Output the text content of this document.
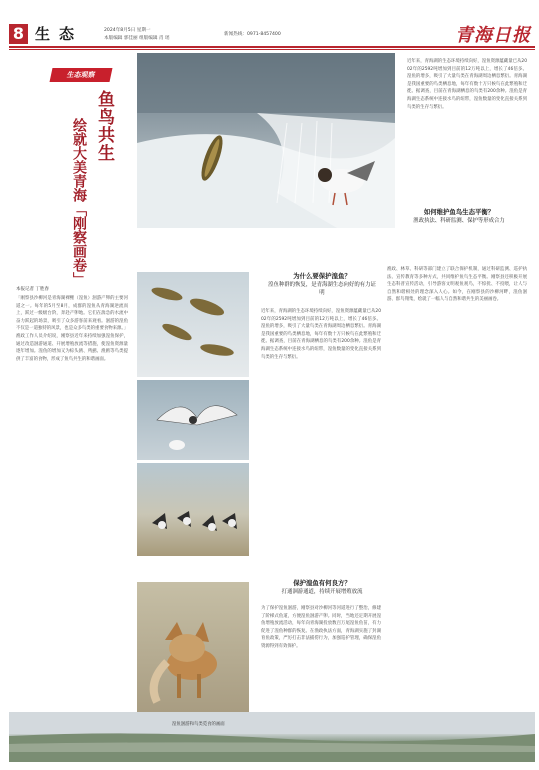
8 生态	2024年8月5日 星期一
本版编辑 郭佳丽 组版编辑 肖 瑶
新闻热线：0971-8457400	青海日报
生态观察
鱼鸟共生
绘就大美青海「刚察画卷」
本报记者 丁胜春
「刚察县沙柳河是青海湖裸鲤（湟鱼）洄游产卵的主要河道之一。每年的5月至8月，成群的湟鱼从青海湖逆流而上，跃过一级级台阶，奔赴产卵地。它们在湍急的水流中奋力跃起的场景，吸引了众多游客前来观看。洄游的湟鱼不仅是一道独特的风景，也是众多鸟类的重要食物来源。」渔政工作人员介绍说，刚察县近年来持续加强湟鱼保护，通过改造洄游通道、开展增殖放流等措施，使湟鱼资源量逐年增加。湟鱼的增加又为棕头鸥、鸬鹚、渔鸥等鸟类提供了丰富的食物，形成了鱼鸟共生的和谐画面。
为什么要保护湟鱼？
湟鱼种群的恢复，是青海湖生态向好的有力证明
近年来，青海湖的生态环境持续向好，湟鱼资源蕴藏量已从2002年的2592吨增加到目前的12万吨以上，增长了46倍多。湟鱼的增多，吸引了大量鸟类在青海湖周边栖息繁衍。青海湖是我国重要的鸟类栖息地，每年有数十万只候鸟在此繁殖和迁徙。据调查，目前在青海湖栖息的鸟类有200余种。湟鱼是青海湖生态系统中连接水鸟的纽带，湟鱼数量的变化直接关系到鸟类的生存与繁衍。
保护湟鱼有何良方？
打通洄游通道，持续开展增殖放流
为了保护湟鱼洄游，刚察县对沙柳河等河道进行了整治，修建了阶梯式鱼道，方便湟鱼洄游产卵。同时，当地还定期开展湟鱼增殖放流活动，每年向青海湖投放数百万尾湟鱼鱼苗，有力促进了湟鱼种群的恢复。在渔政执法方面，青海湖实施了封湖育鱼政策，严厉打击非法捕捞行为，加强巡护管理，确保湟鱼资源得到有效保护。
渔政、林草、科研等部门建立了联合保护机制，通过科研监测、巡护执法、宣传教育等多种方式，共同维护鱼鸟生态平衡。刚察县还积极开展生态科普宣传活动，引导游客文明观鱼观鸟，不惊扰、不投喂，让人与自然和谐相处的理念深入人心。如今，在刚察县的沙柳河畔，湟鱼洄游、群鸟翔集，绘就了一幅人与自然和谐共生的美丽画卷。
如何维护鱼鸟生态平衡？
渔政执法、科研监测、保护等形成合力
近年来，青海湖的生态环境持续向好，湟鱼资源蕴藏量已从2002年的2592吨增加到目前的12万吨以上，增长了46倍多。湟鱼的增多，吸引了大量鸟类在青海湖周边栖息繁衍。青海湖是我国重要的鸟类栖息地，每年有数十万只候鸟在此繁殖和迁徙。据调查，目前在青海湖栖息的鸟类有200余种。湟鱼是青海湖生态系统中连接水鸟的纽带，湟鱼数量的变化直接关系到鸟类的生存与繁衍。
湟鱼洄游和鸟类觅食的画面
